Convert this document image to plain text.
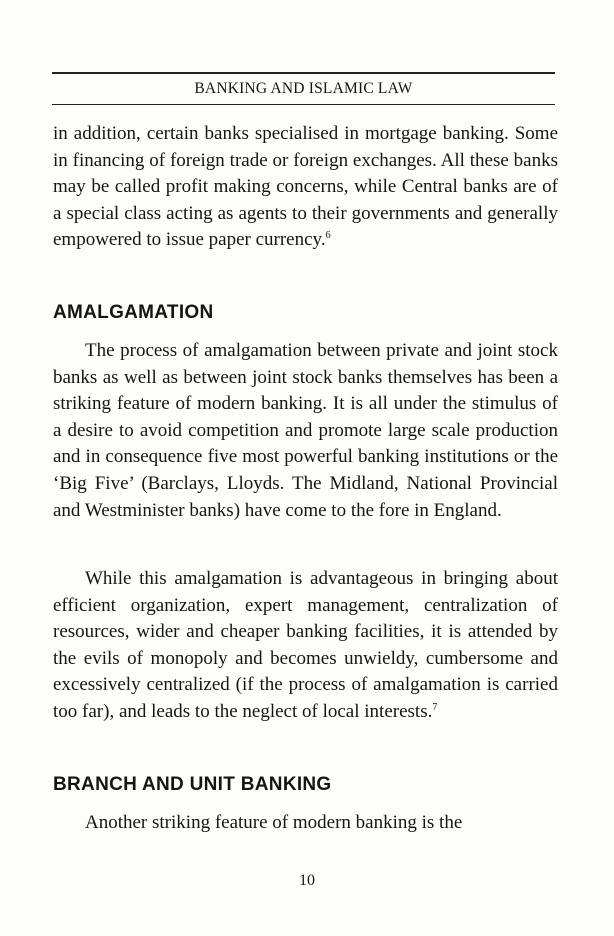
BANKING AND ISLAMIC LAW

in addition, certain banks specialised in mortgage banking. Some in financing of foreign trade or foreign exchanges. All these banks may be called profit making concerns, while Central banks are of a special class acting as agents to their governments and generally empowered to issue paper currency.$^6$

AMALGAMATION

The process of amalgamation between private and joint stock banks as well as between joint stock banks themselves has been a striking feature of modern banking. It is all under the stimulus of a desire to avoid competition and promote large scale production and in consequence five most powerful banking institutions or the ‘Big Five’ (Barclays, Lloyds. The Midland, National Provincial and Westminister banks) have come to the fore in England.

While this amalgamation is advantageous in bringing about efficient organization, expert management, centralization of resources, wider and cheaper banking facilities, it is attended by the evils of monopoly and becomes unwieldy, cumbersome and excessively centralized (if the process of amalgamation is carried too far), and leads to the neglect of local interests.$^7$

BRANCH AND UNIT BANKING

Another striking feature of modern banking is the

10
